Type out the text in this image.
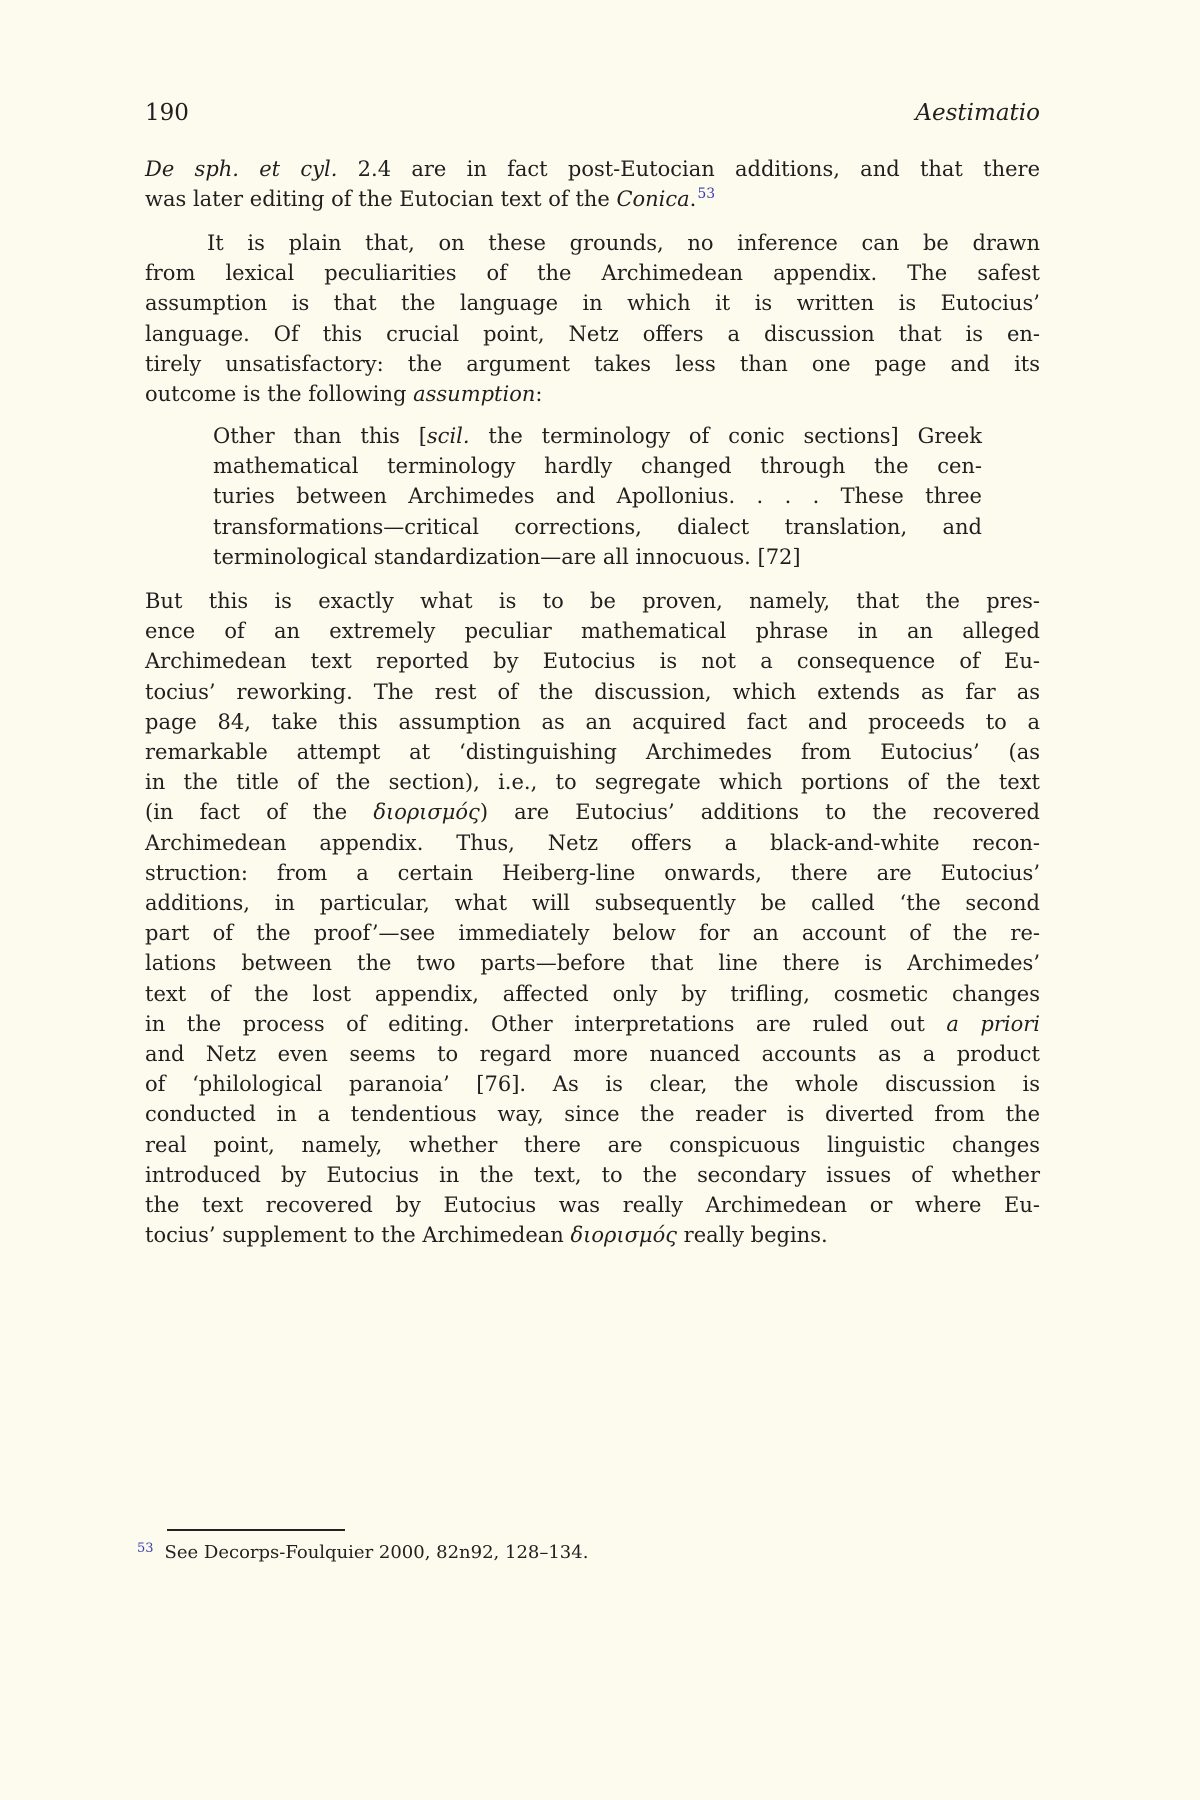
190	Aestimatio
De sph. et cyl. 2.4 are in fact post-Eutocian additions, and that there
was later editing of the Eutocian text of the Conica.$^{53}$
It is plain that, on these grounds, no inference can be drawn
from lexical peculiarities of the Archimedean appendix. The safest
assumption is that the language in which it is written is Eutocius’
language. Of this crucial point, Netz offers a discussion that is en-
tirely unsatisfactory: the argument takes less than one page and its
outcome is the following assumption:
Other than this [scil. the terminology of conic sections] Greek
mathematical terminology hardly changed through the cen-
turies between Archimedes and Apollonius. . . . These three
transformations—critical corrections, dialect translation, and
terminological standardization—are all innocuous. [72]
But this is exactly what is to be proven, namely, that the pres-
ence of an extremely peculiar mathematical phrase in an alleged
Archimedean text reported by Eutocius is not a consequence of Eu-
tocius’ reworking. The rest of the discussion, which extends as far as
page 84, take this assumption as an acquired fact and proceeds to a
remarkable attempt at ‘distinguishing Archimedes from Eutocius’ (as
in the title of the section), i.e., to segregate which portions of the text
(in fact of the διορισμός) are Eutocius’ additions to the recovered
Archimedean appendix. Thus, Netz offers a black-and-white recon-
struction: from a certain Heiberg-line onwards, there are Eutocius’
additions, in particular, what will subsequently be called ‘the second
part of the proof’—see immediately below for an account of the re-
lations between the two parts—before that line there is Archimedes’
text of the lost appendix, affected only by trifling, cosmetic changes
in the process of editing. Other interpretations are ruled out a priori
and Netz even seems to regard more nuanced accounts as a product
of ‘philological paranoia’ [76]. As is clear, the whole discussion is
conducted in a tendentious way, since the reader is diverted from the
real point, namely, whether there are conspicuous linguistic changes
introduced by Eutocius in the text, to the secondary issues of whether
the text recovered by Eutocius was really Archimedean or where Eu-
tocius’ supplement to the Archimedean διορισμός really begins.
$^{53}$ See Decorps-Foulquier 2000, 82n92, 128–134.
